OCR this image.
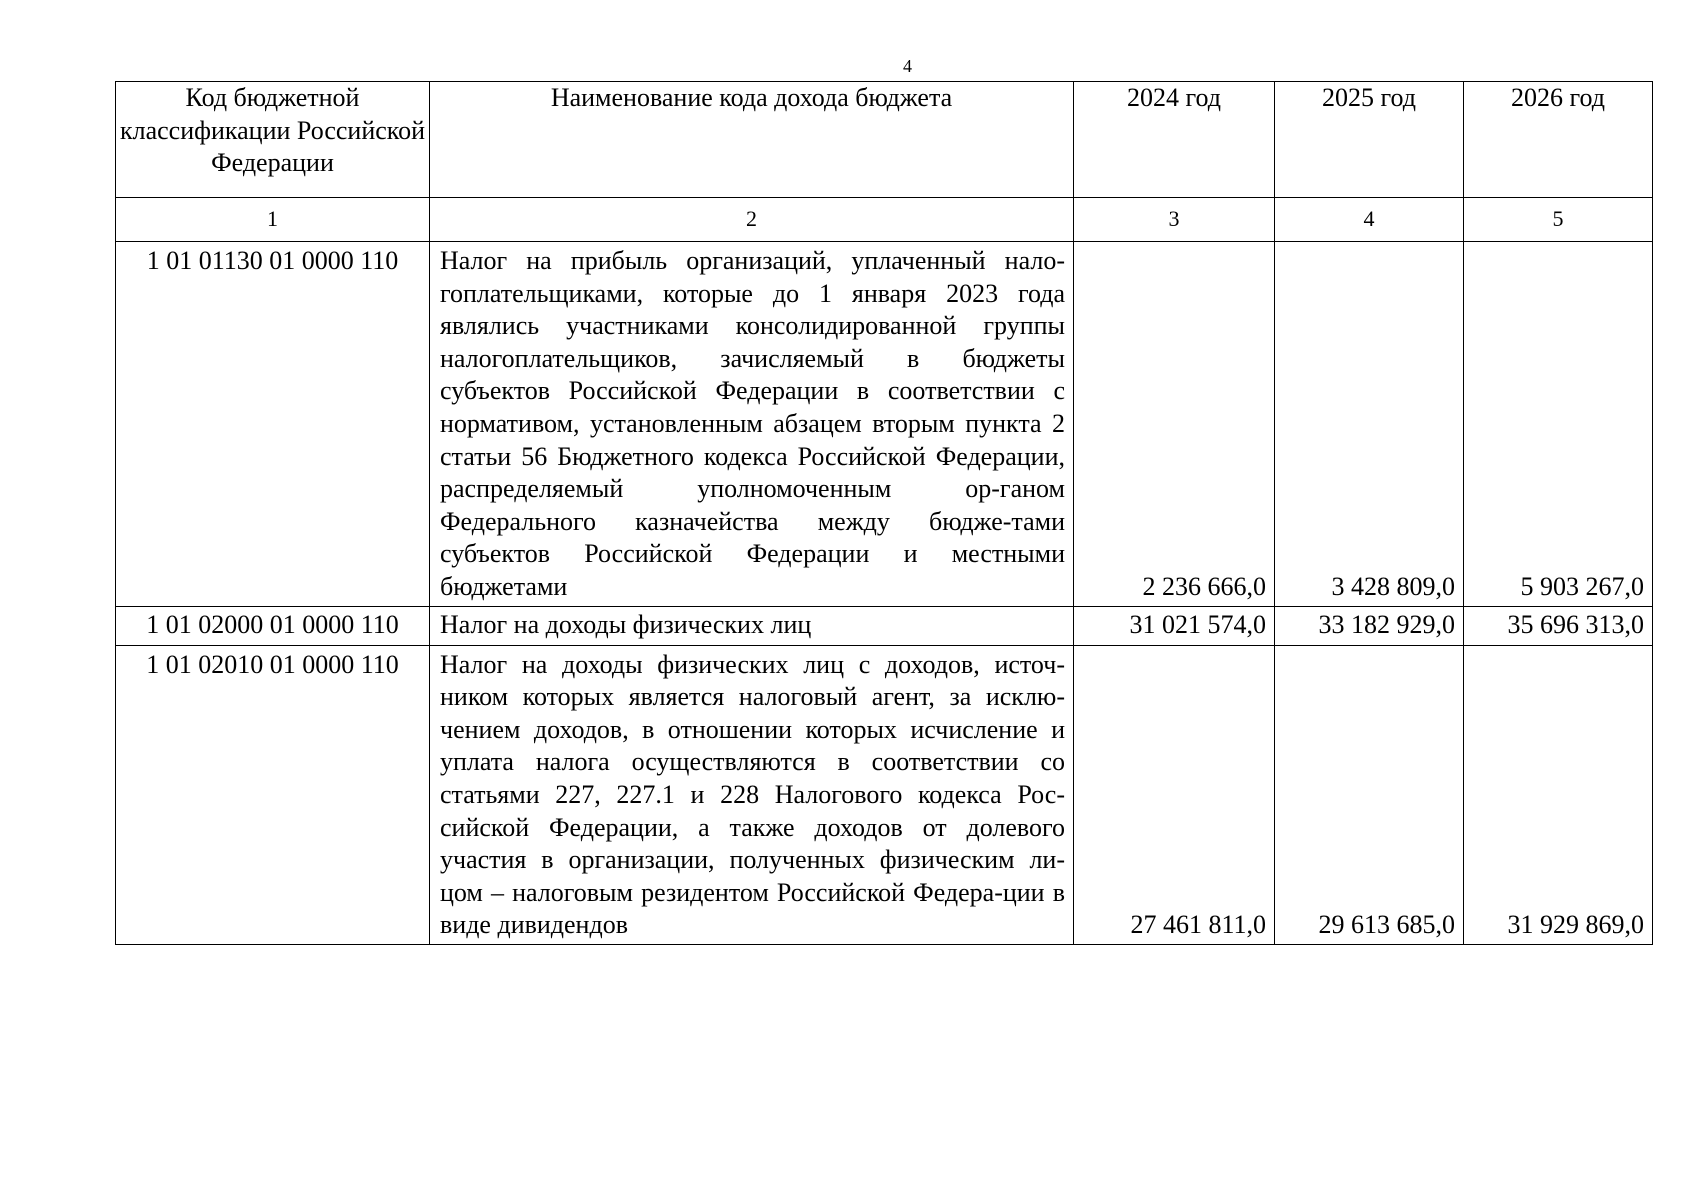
4
Код бюджетной классификации Российской Федерации	Наименование кода дохода бюджета	2024 год	2025 год	2026 год
1	2	3	4	5
1 01 01130 01 0000 110	Налог на прибыль организаций, уплаченный нало-гоплательщиками, которые до 1 января 2023 года являлись участниками консолидированной группы налогоплательщиков, зачисляемый в бюджеты субъектов Российской Федерации в соответствии с нормативом, установленным абзацем вторым пункта 2 статьи 56 Бюджетного кодекса Российской Федерации, распределяемый уполномоченным ор-ганом Федерального казначейства между бюдже-тами субъектов Российской Федерации и местными бюджетами	2 236 666,0	3 428 809,0	5 903 267,0
1 01 02000 01 0000 110	Налог на доходы физических лиц	31 021 574,0	33 182 929,0	35 696 313,0
1 01 02010 01 0000 110	Налог на доходы физических лиц с доходов, источ-ником которых является налоговый агент, за исклю-чением доходов, в отношении которых исчисление и уплата налога осуществляются в соответствии со статьями 227, 227.1 и 228 Налогового кодекса Рос-сийской Федерации, а также доходов от долевого участия в организации, полученных физическим ли-цом – налоговым резидентом Российской Федера-ции в виде дивидендов	27 461 811,0	29 613 685,0	31 929 869,0
